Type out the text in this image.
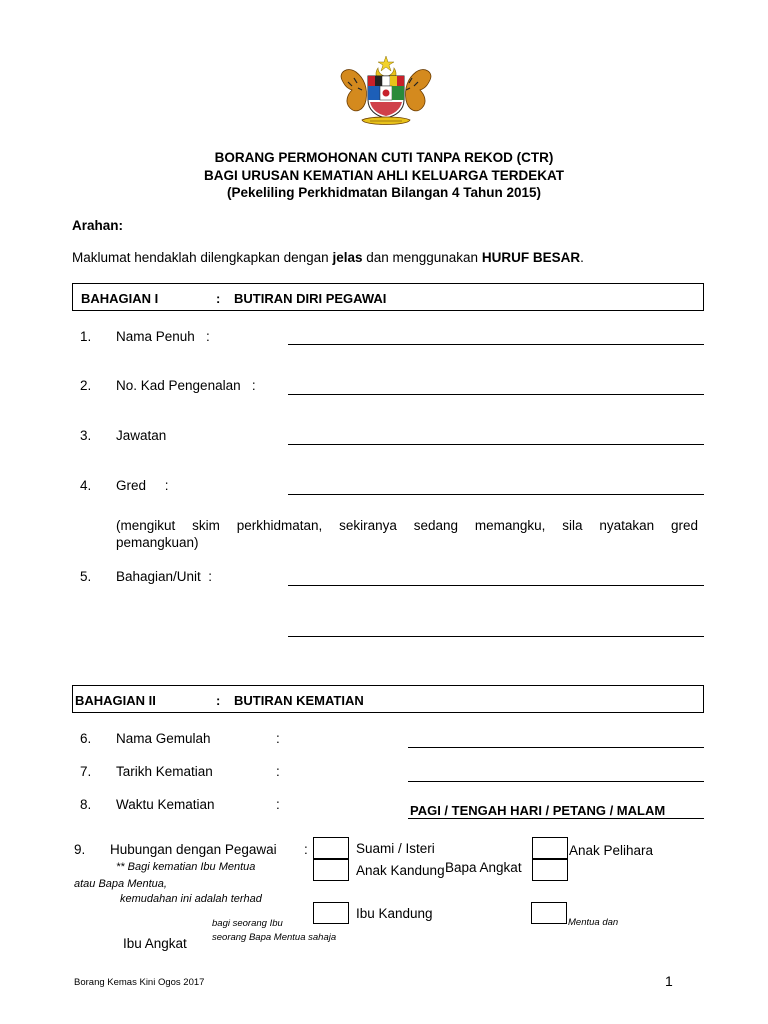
BORANG PERMOHONAN CUTI TANPA REKOD (CTR)
BAGI URUSAN KEMATIAN AHLI KELUARGA TERDEKAT
(Pekeliling Perkhidmatan Bilangan 4 Tahun 2015)
Arahan:
Maklumat hendaklah dilengkapkan dengan jelas dan menggunakan HURUF BESAR.
BAHAGIAN I	: BUTIRAN DIRI PEGAWAI
1. Nama Penuh   :
2. No. Kad Pengenalan   :
3. Jawatan
4. Gred     :
(mengikut skim perkhidmatan, sekiranya sedang memangku, sila nyatakan gred
pemangkuan)
5. Bahagian/Unit  :
BAHAGIAN II	: BUTIRAN KEMATIAN
6. Nama Gemulah	:
7. Tarikh Kematian	:
8. Waktu Kematian	:	PAGI / TENGAH HARI / PETANG / MALAM
9. Hubungan dengan Pegawai :	Suami / Isteri	Anak Pelihara
Anak Kandung Bapa Angkat
Ibu Kandung
Ibu Angkat
** Bagi kematian Ibu Mentua
atau Bapa Mentua,
kemudahan ini adalah terhad
bagi seorang Ibu
seorang Bapa Mentua sahaja
Mentua dan
Borang Kemas Kini Ogos 2017	1
